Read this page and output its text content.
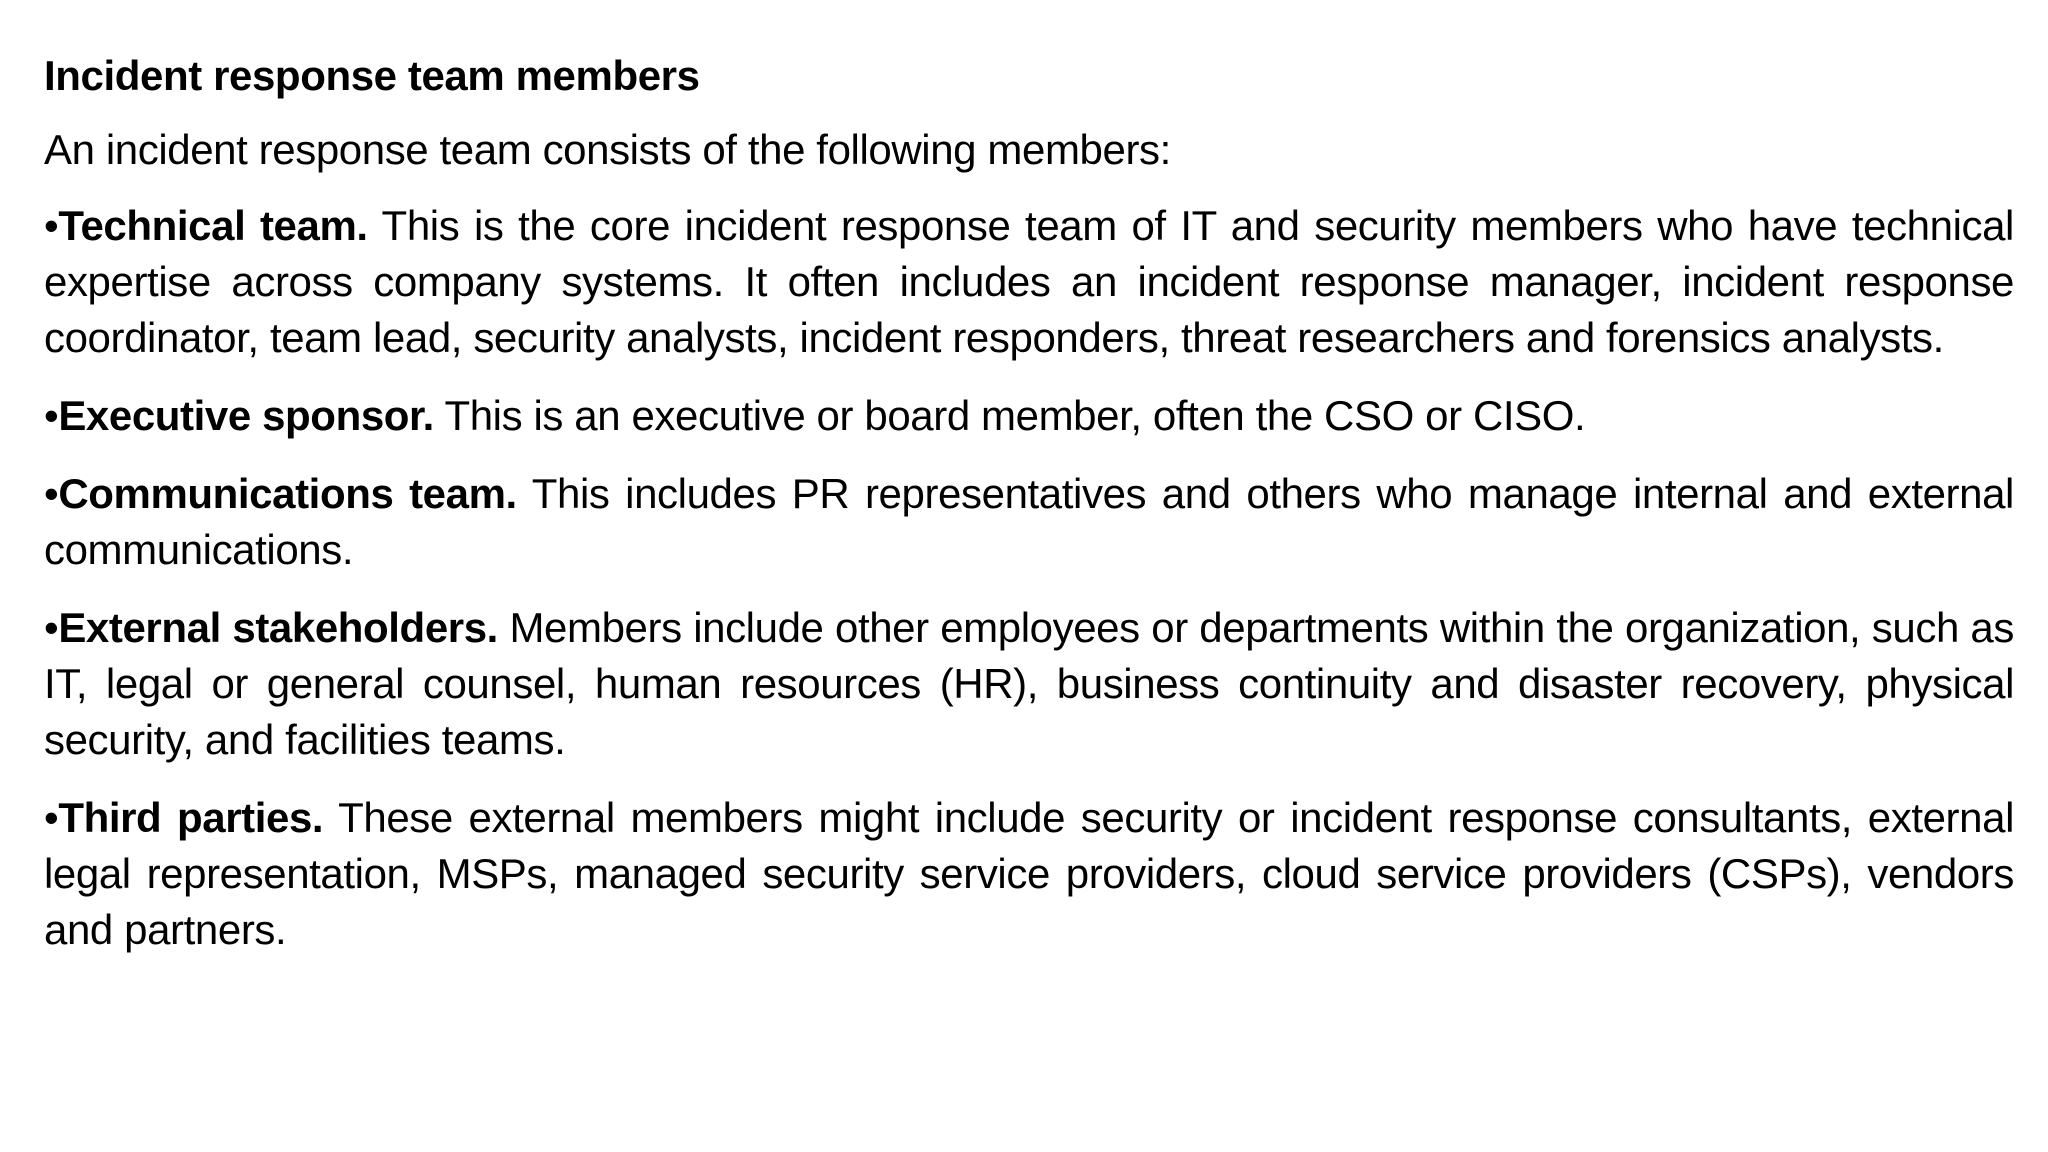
Incident response team members
An incident response team consists of the following members:
•Technical team. This is the core incident response team of IT and security members who have technical expertise across company systems. It often includes an incident response manager, incident response coordinator, team lead, security analysts, incident responders, threat researchers and forensics analysts.
•Executive sponsor. This is an executive or board member, often the CSO or CISO.
•Communications team. This includes PR representatives and others who manage internal and external communications.
•External stakeholders. Members include other employees or departments within the organization, such as IT, legal or general counsel, human resources (HR), business continuity and disaster recovery, physical security, and facilities teams.
•Third parties. These external members might include security or incident response consultants, external legal representation, MSPs, managed security service providers, cloud service providers (CSPs), vendors and partners.
